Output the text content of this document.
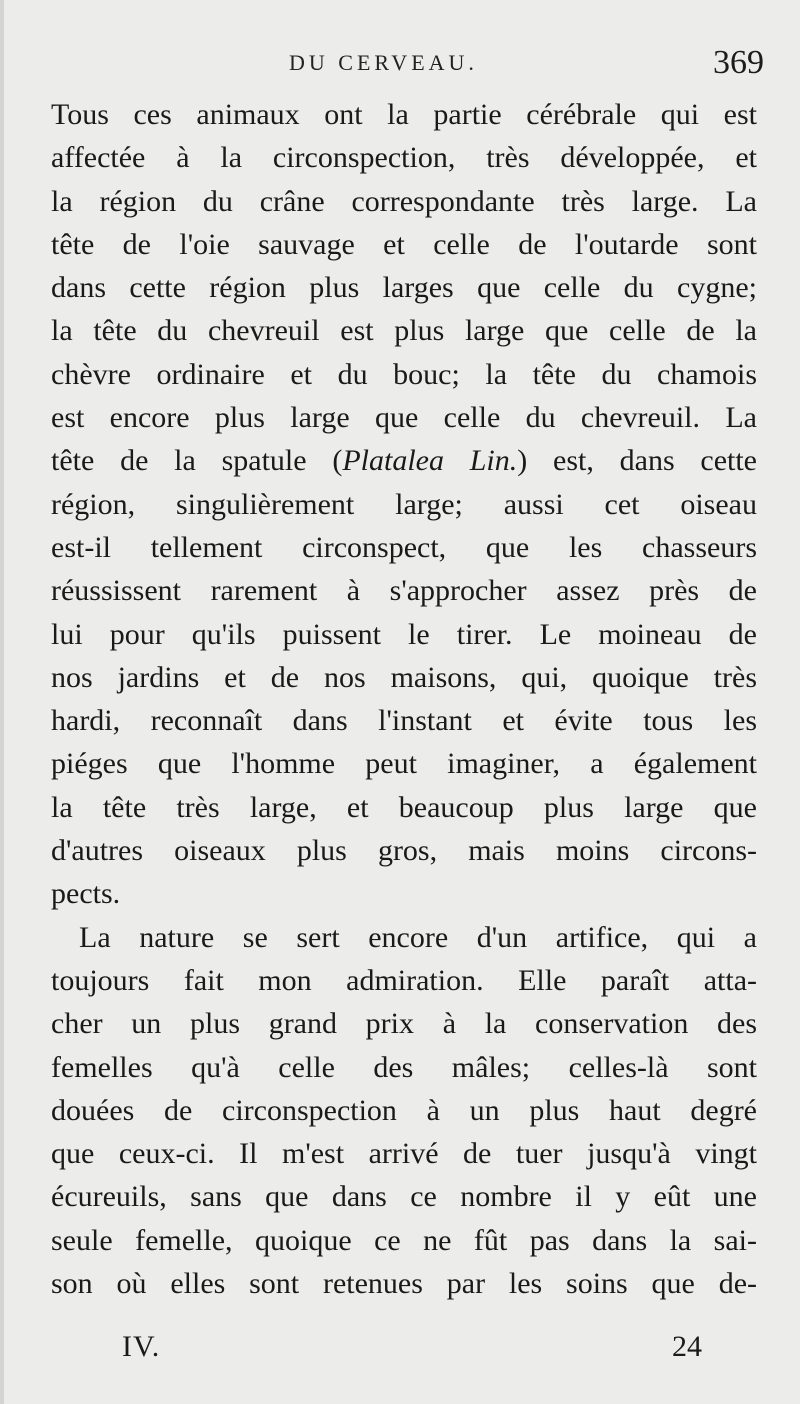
DU CERVEAU.	369
Tous ces animaux ont la partie cérébrale qui est
affectée à la circonspection, très développée, et
la région du crâne correspondante très large. La
tête de l'oie sauvage et celle de l'outarde sont
dans cette région plus larges que celle du cygne;
la tête du chevreuil est plus large que celle de la
chèvre ordinaire et du bouc; la tête du chamois
est encore plus large que celle du chevreuil. La
tête de la spatule (Platalea Lin.) est, dans cette
région, singulièrement large; aussi cet oiseau
est-il tellement circonspect, que les chasseurs
réussissent rarement à s'approcher assez près de
lui pour qu'ils puissent le tirer. Le moineau de
nos jardins et de nos maisons, qui, quoique très
hardi, reconnaît dans l'instant et évite tous les
piéges que l'homme peut imaginer, a également
la tête très large, et beaucoup plus large que
d'autres oiseaux plus gros, mais moins circons-
pects.
La nature se sert encore d'un artifice, qui a
toujours fait mon admiration. Elle paraît atta-
cher un plus grand prix à la conservation des
femelles qu'à celle des mâles; celles-là sont
douées de circonspection à un plus haut degré
que ceux-ci. Il m'est arrivé de tuer jusqu'à vingt
écureuils, sans que dans ce nombre il y eût une
seule femelle, quoique ce ne fût pas dans la sai-
son où elles sont retenues par les soins que de-
IV.	24
